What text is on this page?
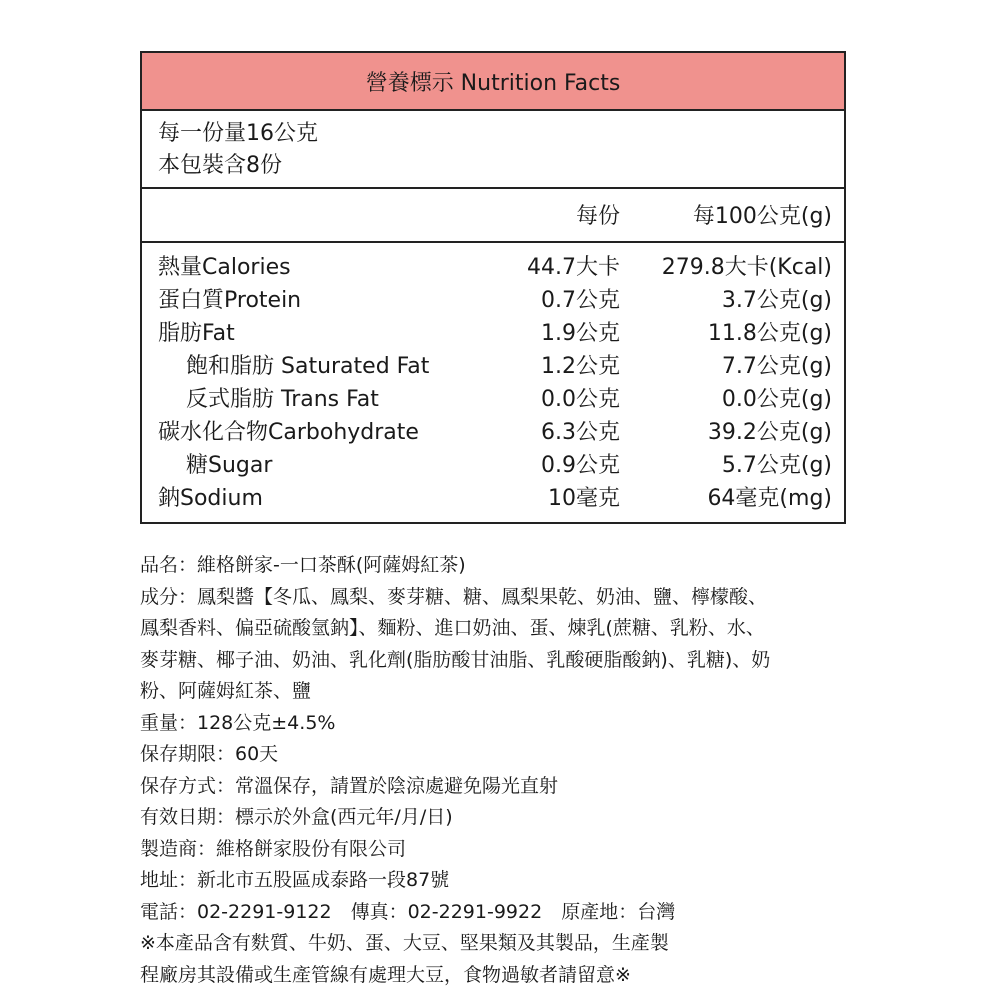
營養標示 Nutrition Facts
每一份量16公克
本包裝含8份
每份	每100公克(g)
熱量Calories	44.7大卡 279.8大卡(Kcal)
蛋白質Protein	0.7公克	3.7公克(g)
脂肪Fat	1.9公克	11.8公克(g)
飽和脂肪 Saturated Fat	1.2公克	7.7公克(g)
反式脂肪 Trans Fat	0.0公克	0.0公克(g)
碳水化合物Carbohydrate	6.3公克	39.2公克(g)
糖Sugar	0.9公克	5.7公克(g)
鈉Sodium	10毫克	64毫克(mg)

品名：維格餅家-一口茶酥(阿薩姆紅茶)

成分：鳳梨醬【冬瓜、鳳梨、麥芽糖、糖、鳳梨果乾、奶油、鹽、檸檬酸、

鳳梨香料、偏亞硫酸氫鈉】、麵粉、進口奶油、蛋、煉乳(蔗糖、乳粉、水、

麥芽糖、椰子油、奶油、乳化劑(脂肪酸甘油脂、乳酸硬脂酸鈉)、乳糖)、奶

粉、阿薩姆紅茶、鹽

重量：128公克±4.5%

保存期限：60天

保存方式：常溫保存，請置於陰涼處避免陽光直射

有效日期：標示於外盒(西元年/月/日)

製造商：維格餅家股份有限公司

地址：新北市五股區成泰路一段87號

電話：02-2291-9122　傳真：02-2291-9922　原產地：台灣

※本產品含有麩質、牛奶、蛋、大豆、堅果類及其製品，生產製

程廠房其設備或生產管線有處理大豆，食物過敏者請留意※
